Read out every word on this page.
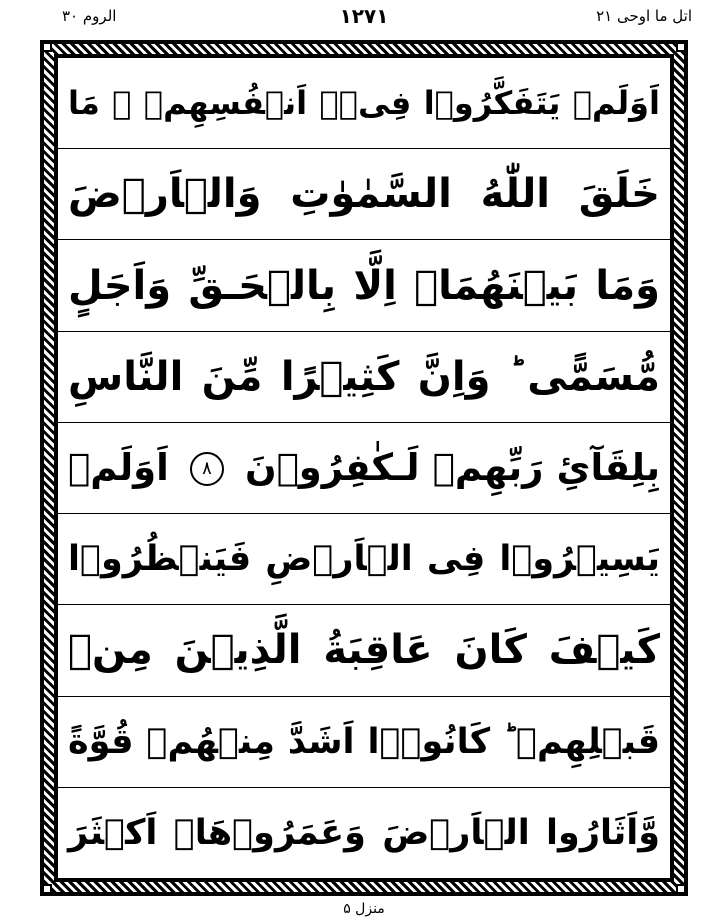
الروم ۳۰	۱۲۷۱	اتل ما اوحی ۲۱
اَوَلَمۡ يَتَفَكَّرُوۡا فِىۡۤ اَنۡفُسِهِمۡ ۟ مَا
خَلَقَ اللّٰهُ السَّمٰوٰتِ وَالۡاَرۡضَ
وَمَا بَيۡنَهُمَاۤ اِلَّا بِالۡحَـقِّ وَاَجَلٍ
مُّسَمًّى‌ ؕ وَاِنَّ كَثِيۡرًا مِّنَ النَّاسِ
بِلِقَآئِ رَبِّهِمۡ لَـكٰفِرُوۡنَ ۸ اَوَلَمۡ
يَسِيۡرُوۡا فِى الۡاَرۡضِ فَيَنۡظُرُوۡا
كَيۡفَ كَانَ عَاقِبَةُ الَّذِيۡنَ مِنۡ
قَبۡلِهِمۡ‌ ؕ كَانُوۡۤا اَشَدَّ مِنۡهُمۡ قُوَّةً
وَّاَثَارُوا الۡاَرۡضَ وَعَمَرُوۡهَاۤ اَكۡثَرَ
منزل ۵
